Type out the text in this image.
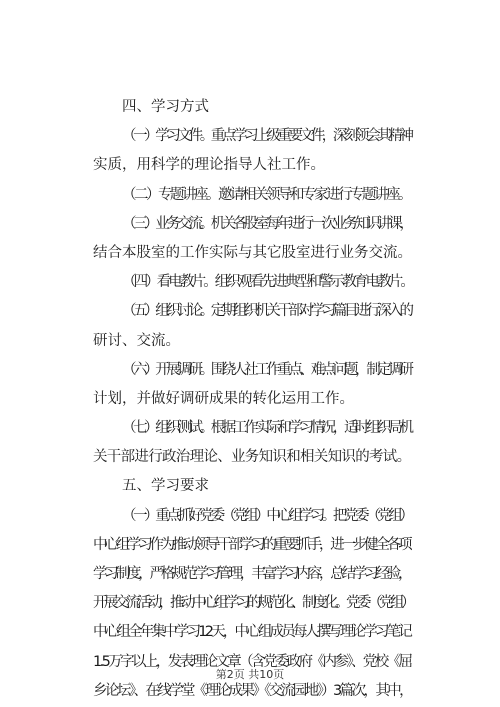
四、学习方式
（一）学习文件。重点学习上级重要文件，深刻领会其精神
实质，用科学的理论指导人社工作。
（二）专题讲座。邀请相关领导和专家进行专题讲座。
（三）业务交流。机关各股室每年进行一次业务知识讲课，
结合本股室的工作实际与其它股室进行业务交流。
（四）看电教片。组织观看先进典型和警示教育电教片。
（五）组织讨论。定期组织机关干部对学习篇目进行深入的
研讨、交流。
（六）开展调研。围绕人社工作重点、难点问题，制定调研
计划，并做好调研成果的转化运用工作。
（七）组织测试。根据工作实际和学习情况，适时组织局机
关干部进行政治理论、业务知识和相关知识的考试。
五、学习要求
（一）重点抓好党委（党组）中心组学习。把党委（党组）
中心组学习作为推动领导干部学习的重要抓手，进一步健全各项
学习制度，严格规范学习管理，丰富学习内容，总结学习经验，
开展交流活动，推动中心组学习的规范化、制度化。党委（党组）
中心组全年集中学习12天，中心组成员每人撰写理论学习笔记
1.5万字以上，发表理论文章（含党委政府《内参》、党校《屈
乡论坛》、在线学堂《理论成果》《交流园地》）3篇次，其中，
第2页 共10页
